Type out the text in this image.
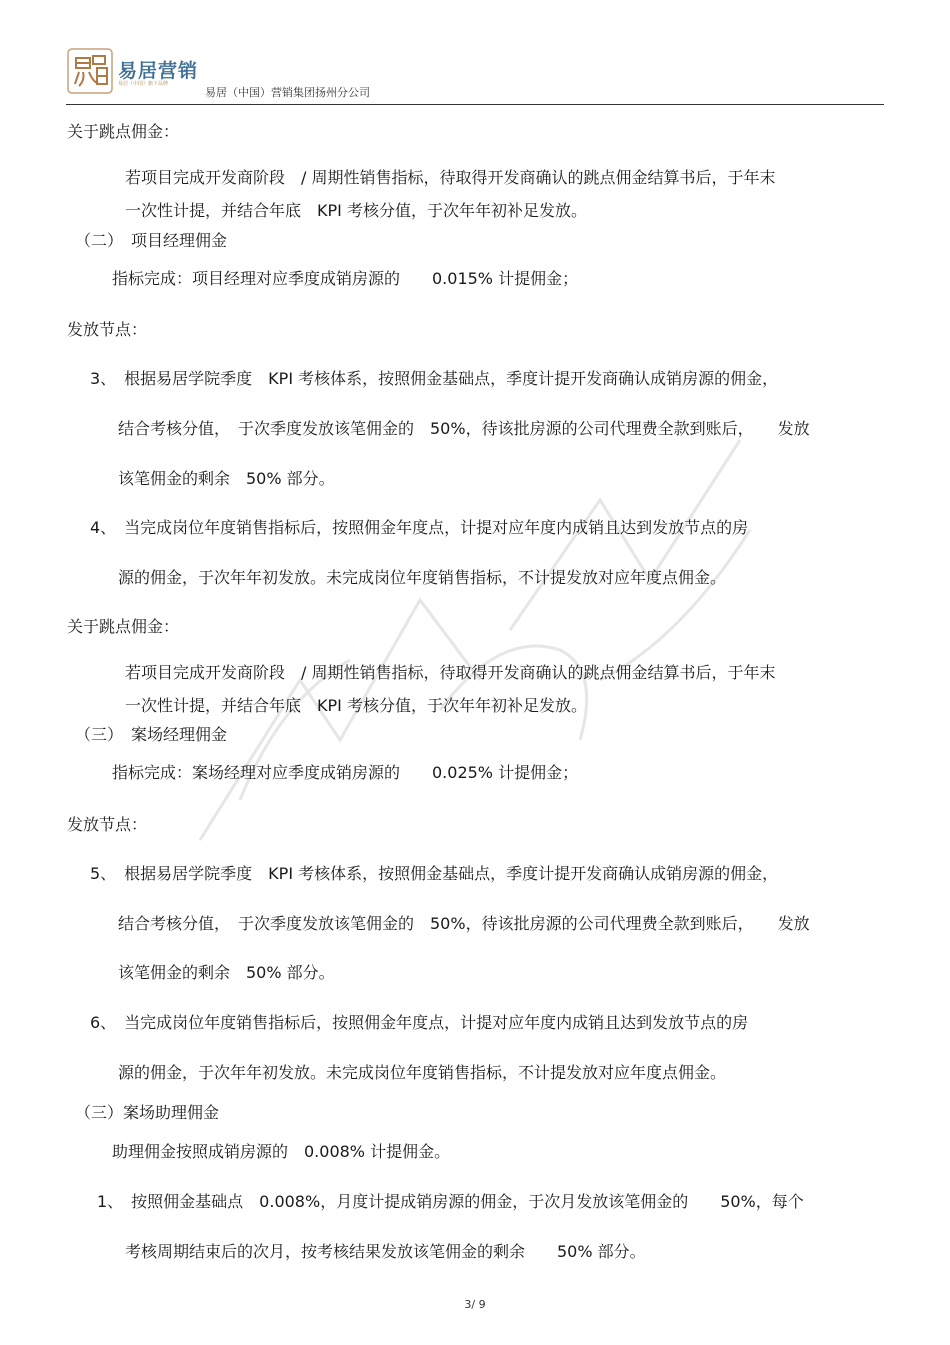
易居营销
易居（中国）旗下品牌
易居（中国）营销集团扬州分公司
关于跳点佣金：
若项目完成开发商阶段　/ 周期性销售指标，待取得开发商确认的跳点佣金结算书后，于年末
一次性计提，并结合年底　KPI 考核分值，于次年年初补足发放。
（二）　项目经理佣金
指标完成：项目经理对应季度成销房源的　　0.015% 计提佣金；
发放节点：
3、　根据易居学院季度　KPI 考核体系，按照佣金基础点，季度计提开发商确认成销房源的佣金，
结合考核分值，　于次季度发放该笔佣金的　50%，待该批房源的公司代理费全款到账后，　　发放
该笔佣金的剩余　50% 部分。
4、　当完成岗位年度销售指标后，按照佣金年度点，计提对应年度内成销且达到发放节点的房
源的佣金，于次年年初发放。未完成岗位年度销售指标，不计提发放对应年度点佣金。
关于跳点佣金：
若项目完成开发商阶段　/ 周期性销售指标，待取得开发商确认的跳点佣金结算书后，于年末
一次性计提，并结合年底　KPI 考核分值，于次年年初补足发放。
（三）　案场经理佣金
指标完成：案场经理对应季度成销房源的　　0.025% 计提佣金；
发放节点：
5、　根据易居学院季度　KPI 考核体系，按照佣金基础点，季度计提开发商确认成销房源的佣金，
结合考核分值，　于次季度发放该笔佣金的　50%，待该批房源的公司代理费全款到账后，　　发放
该笔佣金的剩余　50% 部分。
6、　当完成岗位年度销售指标后，按照佣金年度点，计提对应年度内成销且达到发放节点的房
源的佣金，于次年年初发放。未完成岗位年度销售指标，不计提发放对应年度点佣金。
（三）案场助理佣金
助理佣金按照成销房源的　0.008% 计提佣金。
1、　按照佣金基础点　0.008%，月度计提成销房源的佣金，于次月发放该笔佣金的　　50%，每个
考核周期结束后的次月，按考核结果发放该笔佣金的剩余　　50% 部分。
3/ 9
